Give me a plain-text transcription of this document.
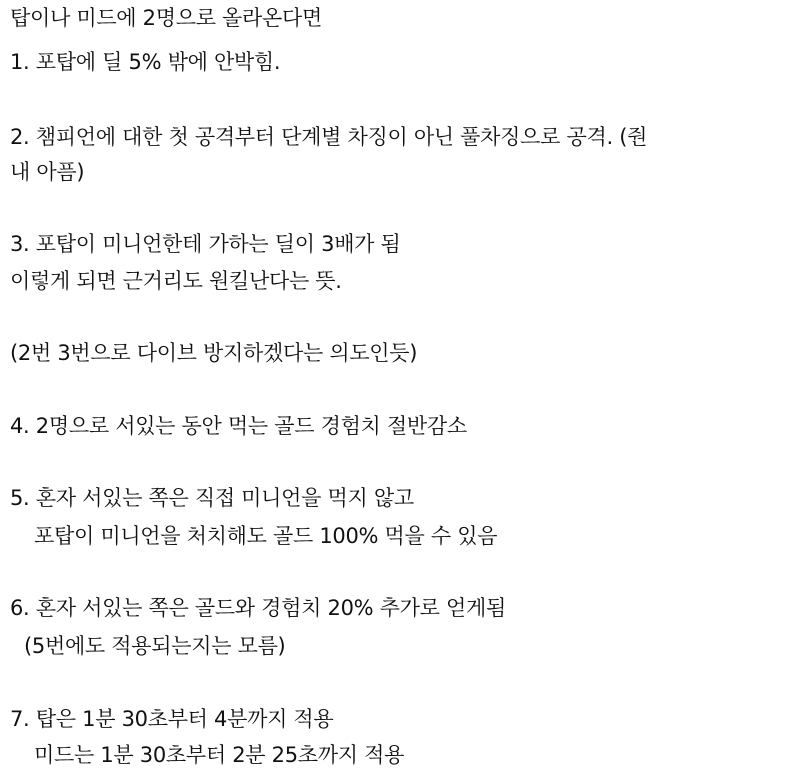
탑이나 미드에 2명으로 올라온다면
1. 포탑에 딜 5% 밖에 안박힘.
2. 챔피언에 대한 첫 공격부터 단계별 차징이 아닌 풀차징으로 공격. (줜
내 아픔)
3. 포탑이 미니언한테 가하는 딜이 3배가 됨
이렇게 되면 근거리도 원킬난다는 뜻.
(2번 3번으로 다이브 방지하겠다는 의도인듯)
4. 2명으로 서있는 동안 먹는 골드 경험치 절반감소
5. 혼자 서있는 쪽은 직접 미니언을 먹지 않고
포탑이 미니언을 처치해도 골드 100% 먹을 수 있음
6. 혼자 서있는 쪽은 골드와 경험치 20% 추가로 얻게됨
(5번에도 적용되는지는 모름)
7. 탑은 1분 30초부터 4분까지 적용
미드는 1분 30초부터 2분 25초까지 적용
